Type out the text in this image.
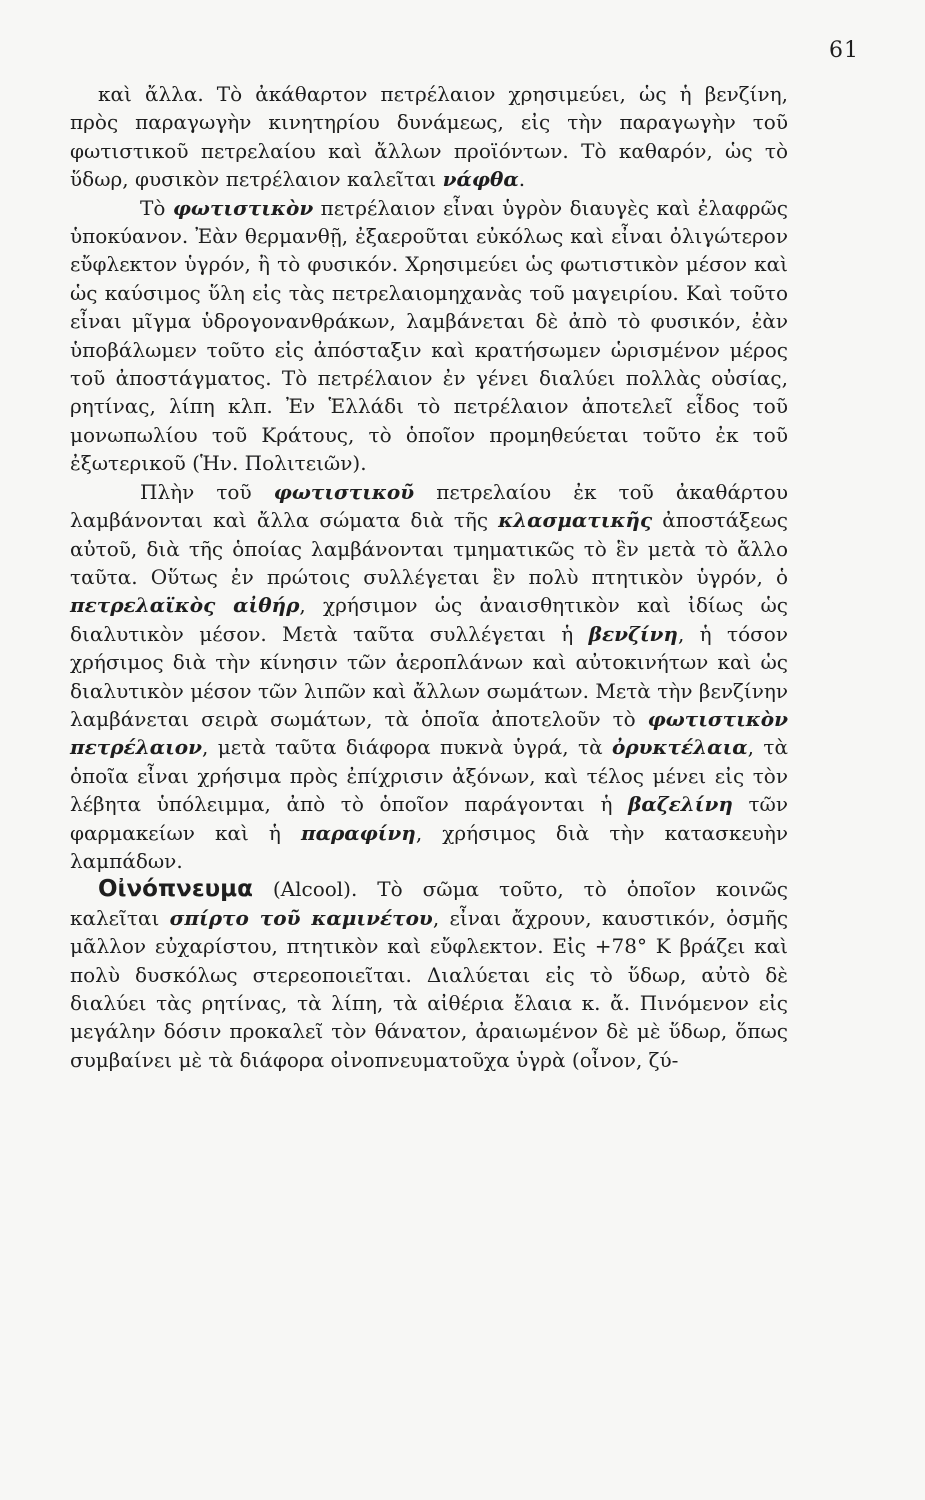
61

καὶ ἄλλα. Τὸ ἀκάθαρτον πετρέλαιον χρησιμεύει, ὡς ἡ βενζίνη, πρὸς παραγωγὴν κινητηρίου δυνάμεως, εἰς τὴν παραγωγὴν τοῦ φωτιστικοῦ πετρελαίου καὶ ἄλλων προϊόντων. Τὸ καθαρόν, ὡς τὸ ὕδωρ, φυσικὸν πετρέλαιον καλεῖται νάφθα.

Τὸ φωτιστικὸν πετρέλαιον εἶναι ὑγρὸν διαυγὲς καὶ ἐλαφρῶς ὑποκύανον. Ἐὰν θερμανθῇ, ἐξαεροῦται εὐκόλως καὶ εἶναι ὀλιγώτερον εὔφλεκτον ὑγρόν, ἢ τὸ φυσικόν. Χρησιμεύει ὡς φωτιστικὸν μέσον καὶ ὡς καύσιμος ὕλη εἰς τὰς πετρελαιομηχανὰς τοῦ μαγειρίου. Καὶ τοῦτο εἶναι μῖγμα ὑδρογονανθράκων, λαμβάνεται δὲ ἀπὸ τὸ φυσικόν, ἐὰν ὑποβάλωμεν τοῦτο εἰς ἀπόσταξιν καὶ κρατήσωμεν ὡρισμένον μέρος τοῦ ἀποστάγματος. Τὸ πετρέλαιον ἐν γένει διαλύει πολλὰς οὐσίας, ρητίνας, λίπη κλπ. Ἐν Ἑλλάδι τὸ πετρέλαιον ἀποτελεῖ εἶδος τοῦ μονωπωλίου τοῦ Κράτους, τὸ ὁποῖον προμηθεύεται τοῦτο ἐκ τοῦ ἐξωτερικοῦ (Ἡν. Πολιτειῶν).

Πλὴν τοῦ φωτιστικοῦ πετρελαίου ἐκ τοῦ ἀκαθάρτου λαμβάνονται καὶ ἄλλα σώματα διὰ τῆς κλασματικῆς ἀποστάξεως αὐτοῦ, διὰ τῆς ὁποίας λαμβάνονται τμηματικῶς τὸ ἓν μετὰ τὸ ἄλλο ταῦτα. Οὕτως ἐν πρώτοις συλλέγεται ἓν πολὺ πτητικὸν ὑγρόν, ὁ πετρελαϊκὸς αἰθήρ, χρήσιμον ὡς ἀναισθητικὸν καὶ ἰδίως ὡς διαλυτικὸν μέσον. Μετὰ ταῦτα συλλέγεται ἡ βενζίνη, ἡ τόσον χρήσιμος διὰ τὴν κίνησιν τῶν ἀεροπλάνων καὶ αὐτοκινήτων καὶ ὡς διαλυτικὸν μέσον τῶν λιπῶν καὶ ἄλλων σωμάτων. Μετὰ τὴν βενζίνην λαμβάνεται σειρὰ σωμάτων, τὰ ὁποῖα ἀποτελοῦν τὸ φωτιστικὸν πετρέλαιον, μετὰ ταῦτα διάφορα πυκνὰ ὑγρά, τὰ ὀρυκτέλαια, τὰ ὁποῖα εἶναι χρήσιμα πρὸς ἐπίχρισιν ἀξόνων, καὶ τέλος μένει εἰς τὸν λέβητα ὑπόλειμμα, ἀπὸ τὸ ὁποῖον παράγονται ἡ βαζελίνη τῶν φαρμακείων καὶ ἡ παραφίνη, χρήσιμος διὰ τὴν κατασκευὴν λαμπάδων.

Οἰνόπνευμα (Alcool). Τὸ σῶμα τοῦτο, τὸ ὁποῖον κοινῶς καλεῖται σπίρτο τοῦ καμινέτου, εἶναι ἄχρουν, καυστικόν, ὀσμῆς μᾶλλον εὐχαρίστου, πτητικὸν καὶ εὔφλεκτον. Εἰς +78° Κ βράζει καὶ πολὺ δυσκόλως στερεοποιεῖται. Διαλύεται εἰς τὸ ὕδωρ, αὐτὸ δὲ διαλύει τὰς ρητίνας, τὰ λίπη, τὰ αἰθέρια ἔλαια κ. ἄ. Πινόμενον εἰς μεγάλην δόσιν προκαλεῖ τὸν θάνατον, ἀραιωμένον δὲ μὲ ὕδωρ, ὅπως συμβαίνει μὲ τὰ διάφορα οἰνοπνευματοῦχα ὑγρὰ (οἶνον, ζύ-
